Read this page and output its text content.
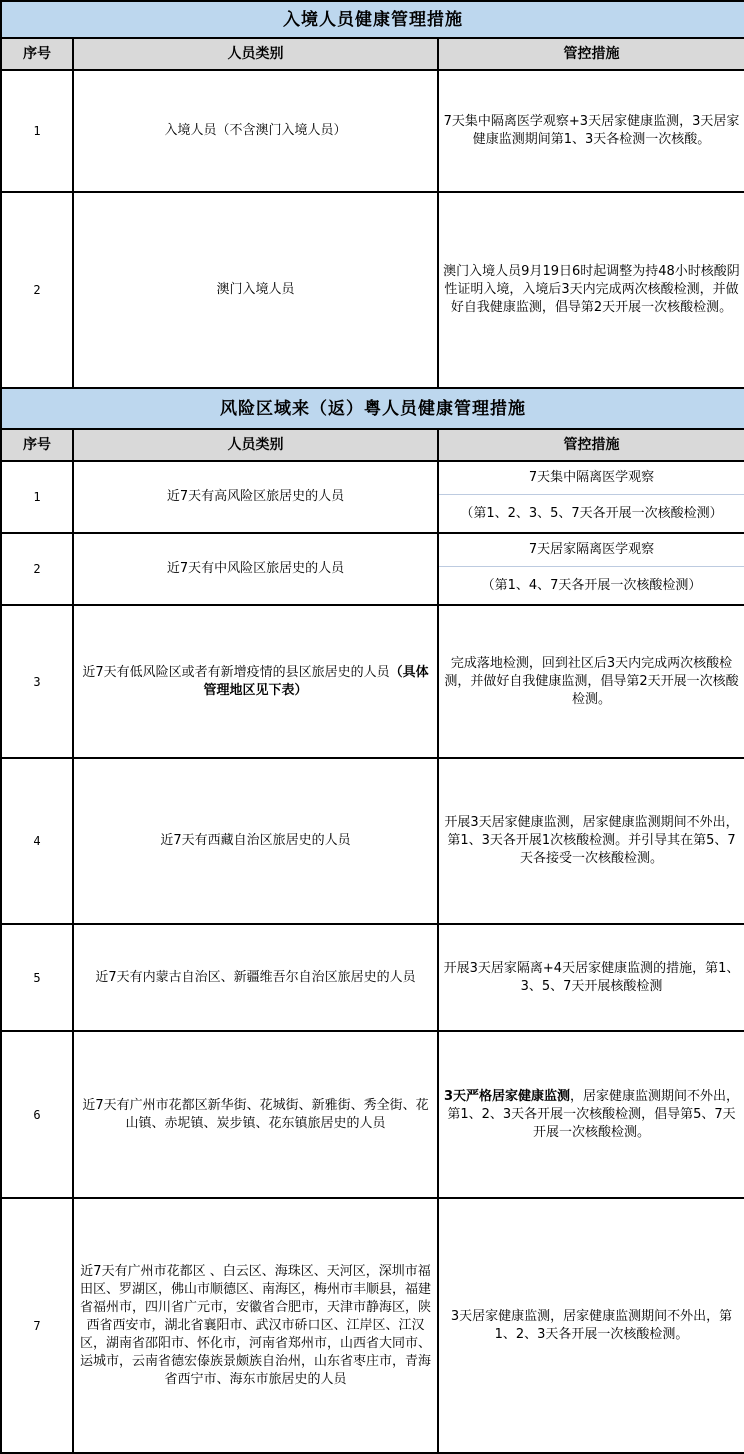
入境人员健康管理措施		
序号	人员类别	管控措施
1	入境人员（不含澳门入境人员）	7天集中隔离医学观察+3天居家健康监测，3天居家健康监测期间第1、3天各检测一次核酸。
2	澳门入境人员	澳门入境人员9月19日6时起调整为持48小时核酸阴性证明入境，入境后3天内完成两次核酸检测，并做好自我健康监测，倡导第2天开展一次核酸检测。
风险区域来（返）粤人员健康管理措施		
序号	人员类别	管控措施
1	近7天有高风险区旅居史的人员	7天集中隔离医学观察
（第1、2、3、5、7天各开展一次核酸检测）

2	近7天有中风险区旅居史的人员	7天居家隔离医学观察
（第1、4、7天各开展一次核酸检测）

3	近7天有低风险区或者有新增疫情的县区旅居史的人员（具体管理地区见下表）	完成落地检测，回到社区后3天内完成两次核酸检测，并做好自我健康监测，倡导第2天开展一次核酸检测。
4	近7天有西藏自治区旅居史的人员	开展3天居家健康监测，居家健康监测期间不外出，第1、3天各开展1次核酸检测。并引导其在第5、7天各接受一次核酸检测。
5	近7天有内蒙古自治区、新疆维吾尔自治区旅居史的人员	开展3天居家隔离+4天居家健康监测的措施，第1、3、5、7天开展核酸检测
6	近7天有广州市花都区新华街、花城街、新雅街、秀全街、花山镇、赤坭镇、炭步镇、花东镇旅居史的人员	3天严格居家健康监测，居家健康监测期间不外出，第1、2、3天各开展一次核酸检测，倡导第5、7天开展一次核酸检测。
7	近7天有广州市花都区 、白云区、海珠区、天河区，深圳市福田区、罗湖区，佛山市顺德区、南海区，梅州市丰顺县，福建省福州市，四川省广元市，安徽省合肥市，天津市静海区，陕西省西安市，湖北省襄阳市、武汉市硚口区、江岸区、江汉区，湖南省邵阳市、怀化市，河南省郑州市，山西省大同市、运城市，云南省德宏傣族景颇族自治州，山东省枣庄市，青海省西宁市、海东市旅居史的人员	3天居家健康监测，居家健康监测期间不外出，第1、2、3天各开展一次核酸检测。
